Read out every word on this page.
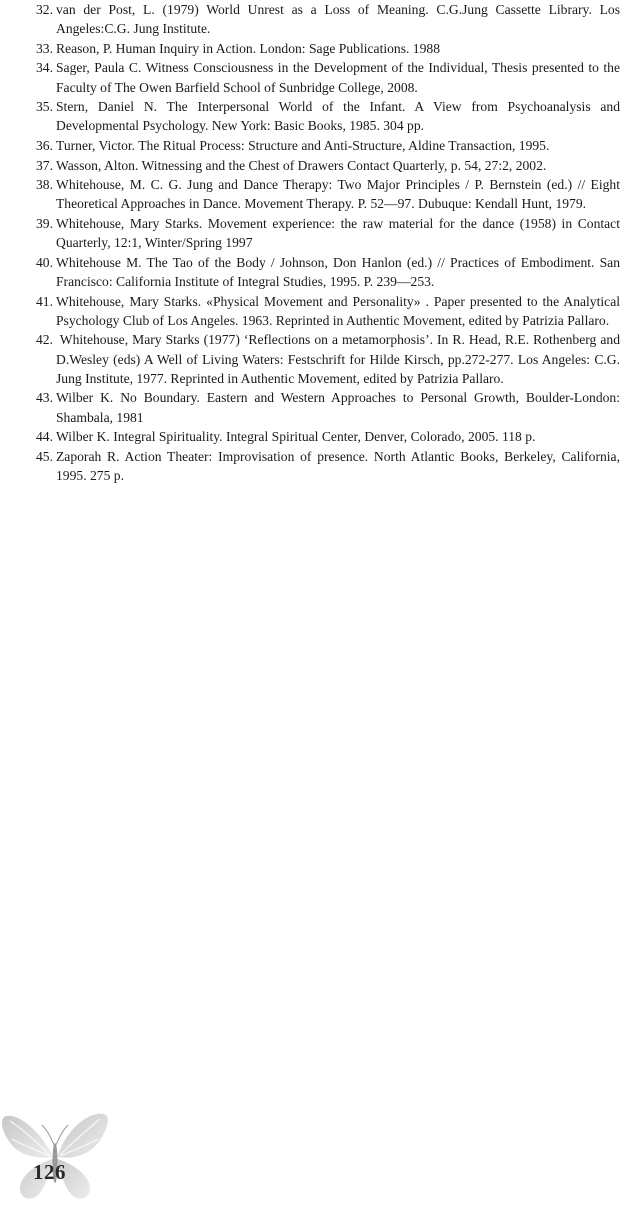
32. van der Post, L. (1979) World Unrest as a Loss of Meaning. C.G.Jung Cassette Library. Los Angeles:C.G. Jung Institute.
33. Reason, P. Human Inquiry in Action. London: Sage Publications. 1988
34. Sager, Paula C. Witness Consciousness in the Development of the Individual, Thesis presented to the Faculty of The Owen Barfield School of Sunbridge College, 2008.
35. Stern, Daniel N. The Interpersonal World of the Infant. A View from Psychoanalysis and Developmental Psychology. New York: Basic Books, 1985. 304 pp.
36. Turner, Victor. The Ritual Process: Structure and Anti-Structure, Aldine Transaction, 1995.
37. Wasson, Alton. Witnessing and the Chest of Drawers Contact Quarterly, p. 54, 27:2, 2002.
38. Whitehouse, M. C. G. Jung and Dance Therapy: Two Major Principles / P. Bernstein (ed.) // Eight Theoretical Approaches in Dance. Movement Therapy. P. 52—97. Dubuque: Kendall Hunt, 1979.
39. Whitehouse, Mary Starks. Movement experience: the raw material for the dance (1958) in Contact Quarterly, 12:1, Winter/Spring 1997
40. Whitehouse M. The Tao of the Body / Johnson, Don Hanlon (ed.) // Practices of Embodiment. San Francisco: California Institute of Integral Studies, 1995. P. 239—253.
41. Whitehouse, Mary Starks. «Physical Movement and Personality» . Paper presented to the Analytical Psychology Club of Los Angeles. 1963. Reprinted in Authentic Movement, edited by Patrizia Pallaro.
42. Whitehouse, Mary Starks (1977) ‘Reflections on a metamorphosis’. In R. Head, R.E. Rothenberg and D.Wesley (eds) A Well of Living Waters: Festschrift for Hilde Kirsch, pp.272-277. Los Angeles: C.G. Jung Institute, 1977. Reprinted in Authentic Movement, edited by Patrizia Pallaro.
43. Wilber K. No Boundary. Eastern and Western Approaches to Personal Growth, Boulder-London: Shambala, 1981
44. Wilber K. Integral Spirituality. Integral Spiritual Center, Denver, Colorado, 2005. 118 p.
45. Zaporah R. Action Theater: Improvisation of presence. North Atlantic Books, Berkeley, California, 1995. 275 p.
126
